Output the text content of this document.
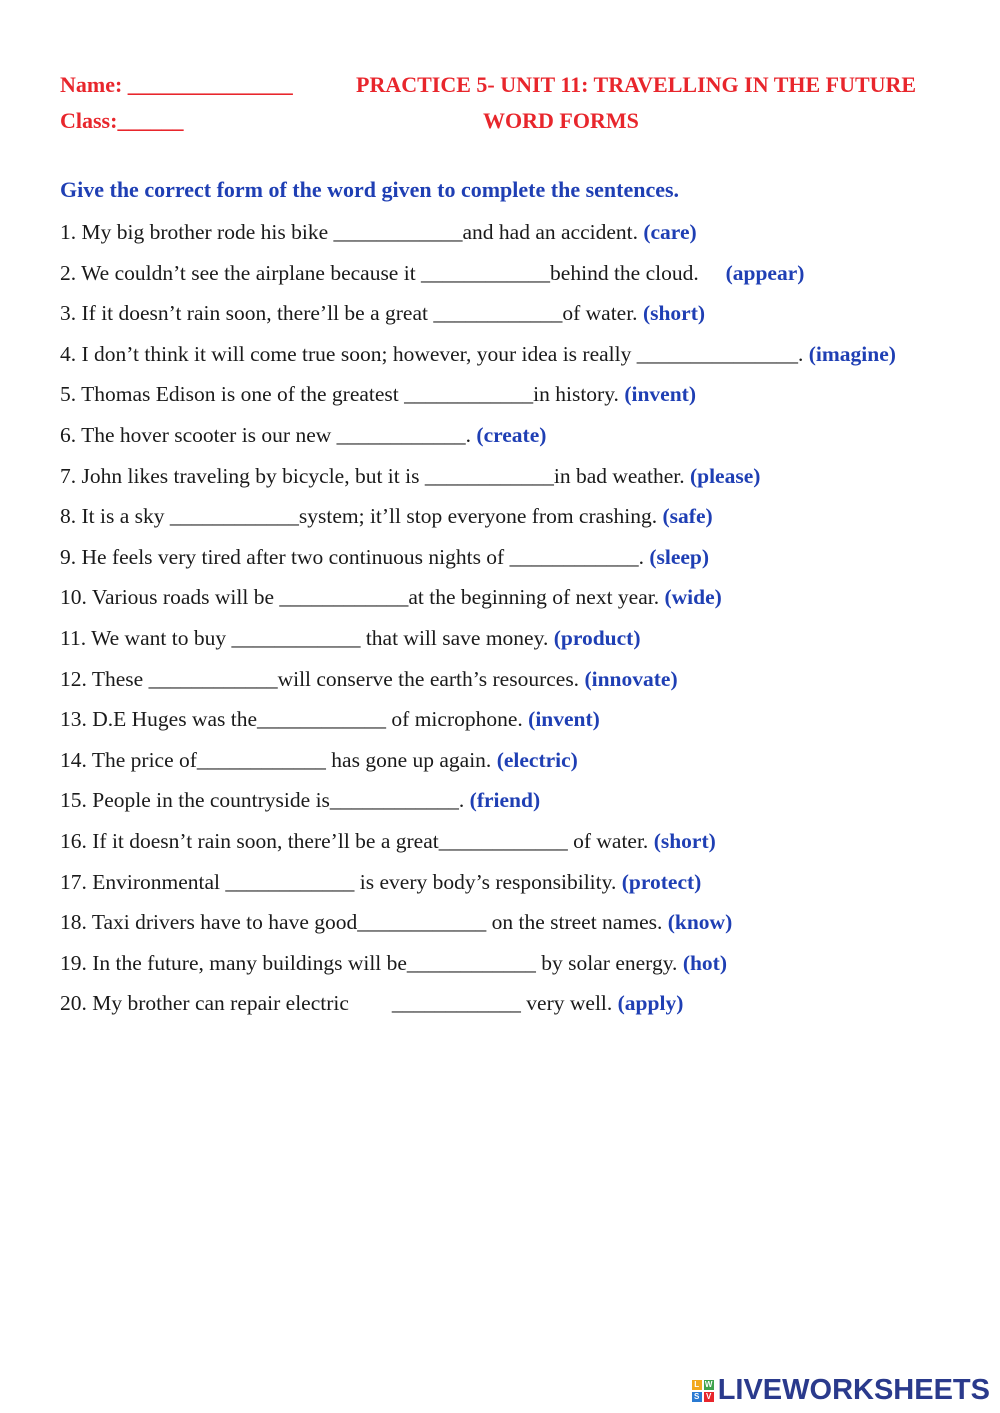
Name: _______________	PRACTICE 5- UNIT 11: TRAVELLING IN THE FUTURE
Class:______	WORD FORMS
Give the correct form of the word given to complete the sentences.
1. My big brother rode his bike ____________and had an accident. (care)
2. We couldn’t see the airplane because it ____________behind the cloud.     (appear)
3. If it doesn’t rain soon, there’ll be a great ____________of water. (short)
4. I don’t think it will come true soon; however, your idea is really _______________. (imagine)
5. Thomas Edison is one of the greatest ____________in history. (invent)
6. The hover scooter is our new ____________. (create)
7. John likes traveling by bicycle, but it is ____________in bad weather. (please)
8. It is a sky ____________system; it’ll stop everyone from crashing. (safe)
9. He feels very tired after two continuous nights of ____________. (sleep)
10. Various roads will be ____________at the beginning of next year. (wide)
11. We want to buy ____________ that will save money. (product)
12. These ____________will conserve the earth’s resources. (innovate)
13. D.E Huges was the____________ of microphone. (invent)
14. The price of____________ has gone up again. (electric)
15. People in the countryside is____________. (friend)
16. If it doesn’t rain soon, there’ll be a great____________ of water. (short)
17. Environmental ____________ is every body’s responsibility. (protect)
18. Taxi drivers have to have good____________ on the street names. (know)
19. In the future, many buildings will be____________ by solar energy. (hot)
20. My brother can repair electric        ____________ very well. (apply)
L W
S V LIVEWORKSHEETS
